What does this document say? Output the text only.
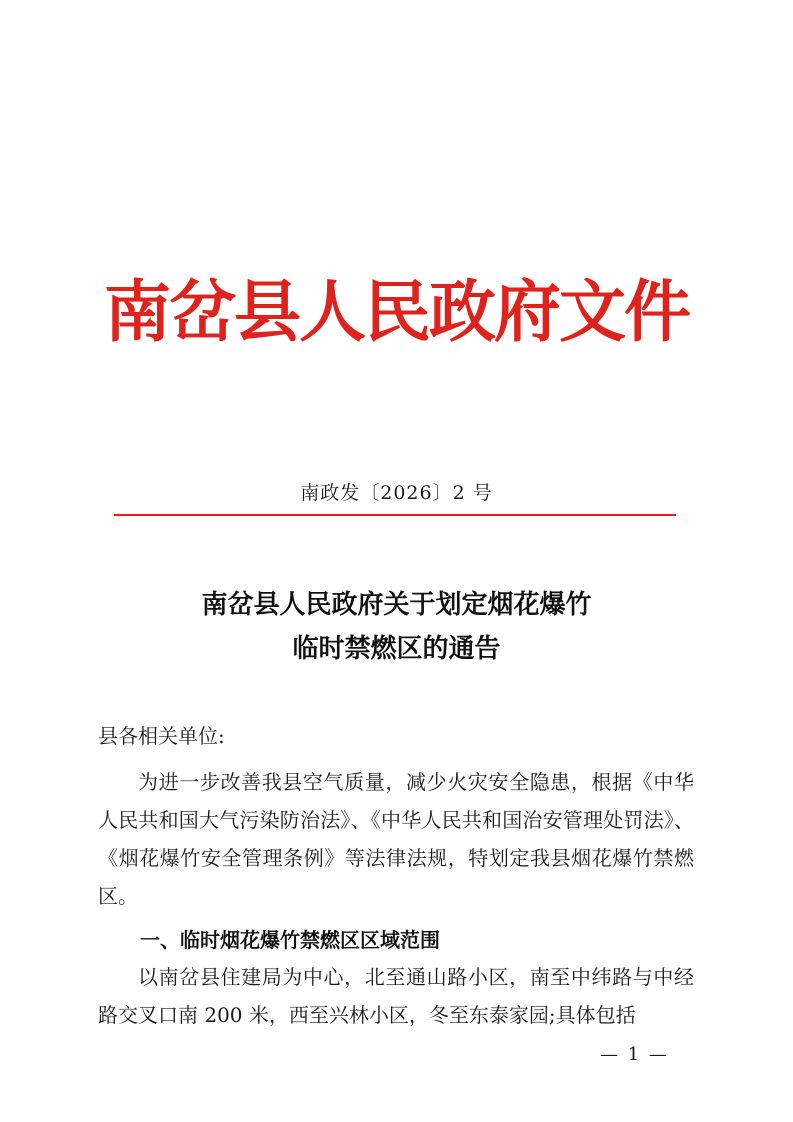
南岔县人民政府文件
南政发〔2026〕2 号
南岔县人民政府关于划定烟花爆竹
临时禁燃区的通告
县各相关单位:
为进一步改善我县空气质量，减少火灾安全隐患，根据《中华人民共和国大气污染防治法》、《中华人民共和国治安管理处罚法》、《烟花爆竹安全管理条例》等法律法规，特划定我县烟花爆竹禁燃区。
一、临时烟花爆竹禁燃区区域范围
以南岔县住建局为中心，北至通山路小区，南至中纬路与中经路交叉口南 200 米，西至兴林小区，冬至东泰家园;具体包括
— 1 —
